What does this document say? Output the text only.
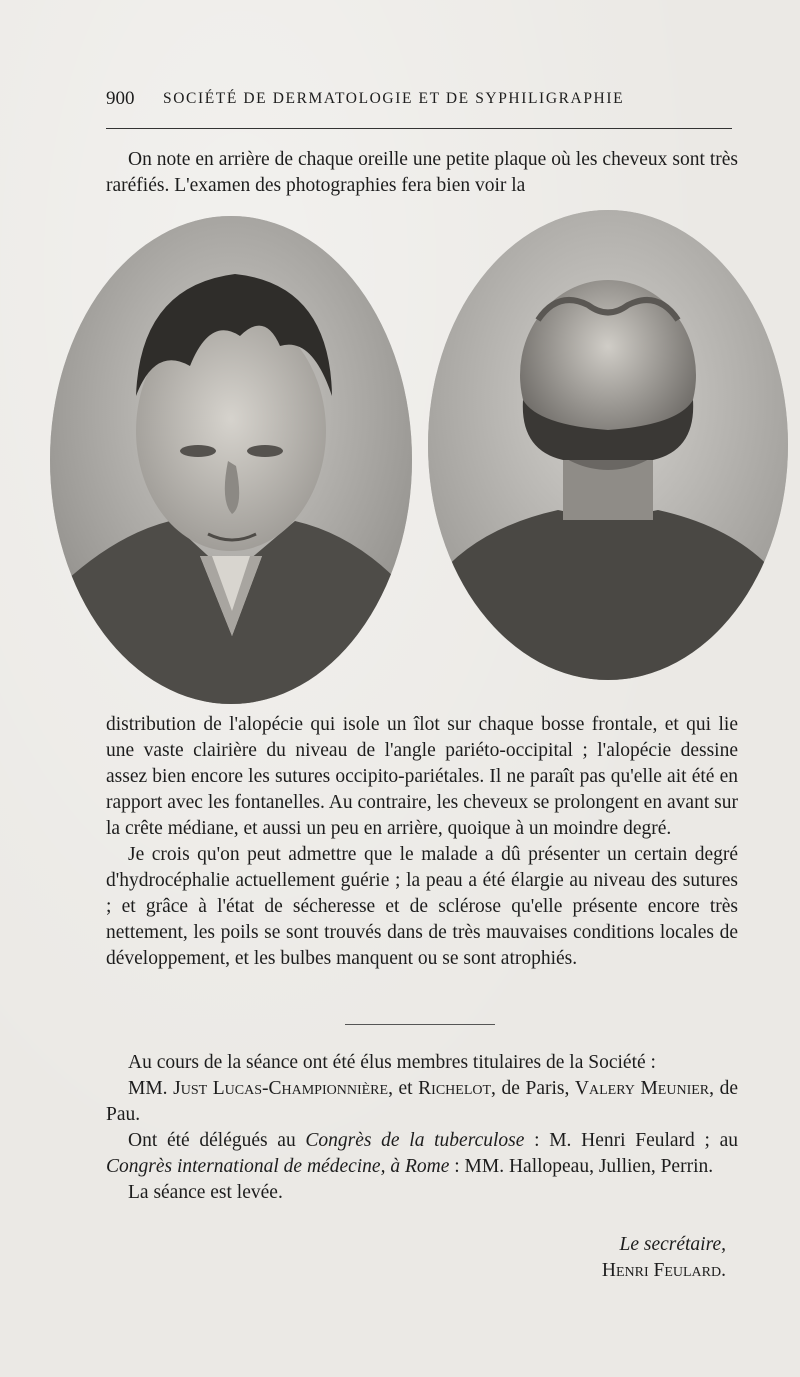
900 SOCIÉTÉ DE DERMATOLOGIE ET DE SYPHILIGRAPHIE

On note en arrière de chaque oreille une petite plaque où les cheveux sont très raréfiés. L'examen des photographies fera bien voir la

distribution de l'alopécie qui isole un îlot sur chaque bosse frontale, et qui lie une vaste clairière du niveau de l'angle pariéto-occipital ; l'alopécie dessine assez bien encore les sutures occipito-pariétales. Il ne paraît pas qu'elle ait été en rapport avec les fontanelles. Au contraire, les cheveux se prolongent en avant sur la crête médiane, et aussi un peu en arrière, quoique à un moindre degré.

Je crois qu'on peut admettre que le malade a dû présenter un certain degré d'hydrocéphalie actuellement guérie ; la peau a été élargie au niveau des sutures ; et grâce à l'état de sécheresse et de sclérose qu'elle présente encore très nettement, les poils se sont trouvés dans de très mauvaises conditions locales de développement, et les bulbes manquent ou se sont atrophiés.

Au cours de la séance ont été élus membres titulaires de la Société :

MM. Just Lucas-Championnière, et Richelot, de Paris, Valery Meunier, de Pau.

Ont été délégués au Congrès de la tuberculose : M. Henri Feulard ; au Congrès international de médecine, à Rome : MM. Hallopeau, Jullien, Perrin.

La séance est levée.

Le secrétaire,
Henri Feulard.
